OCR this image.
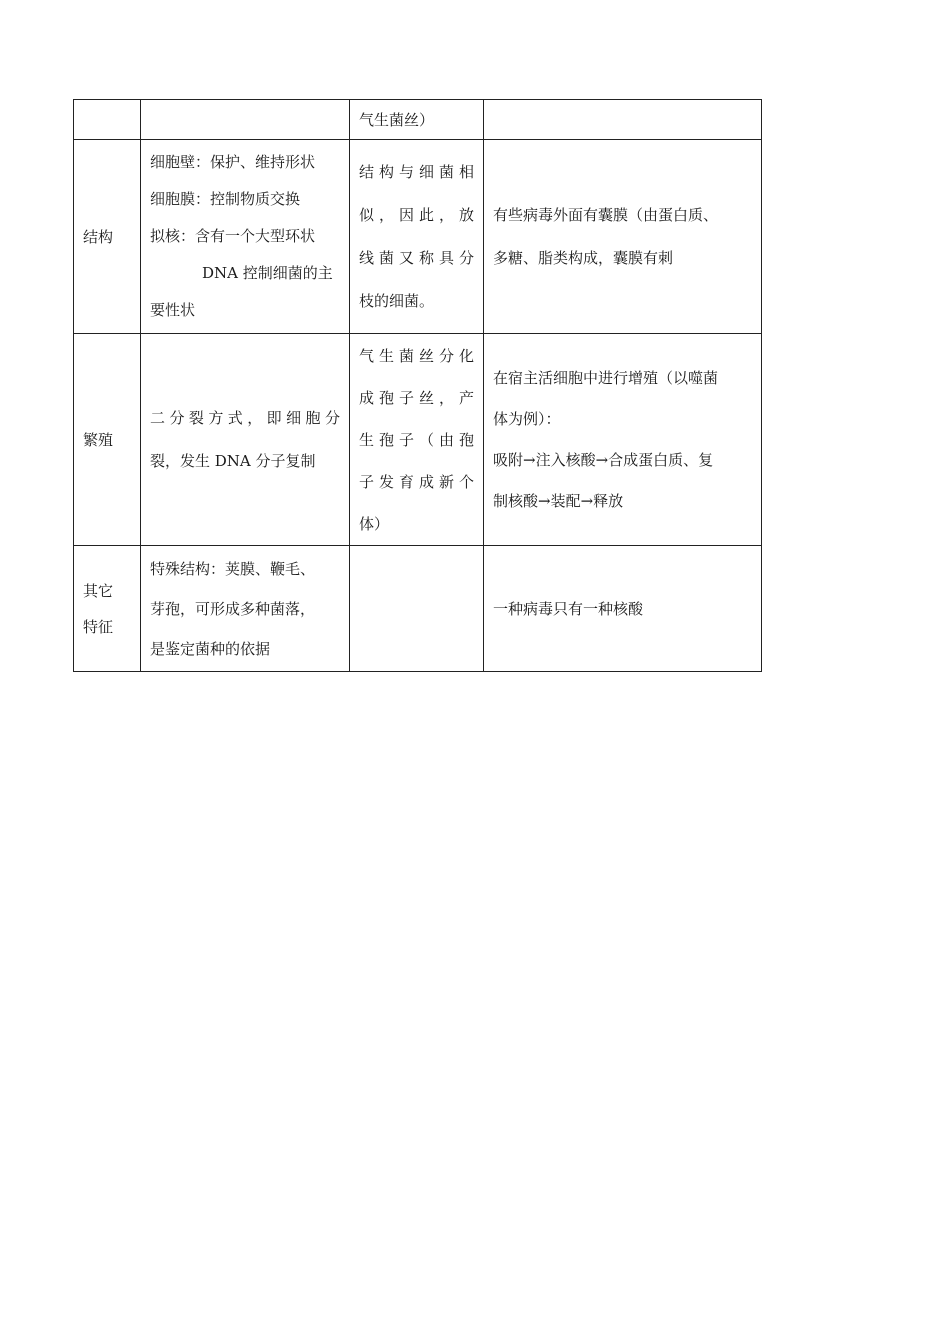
		气生菌丝）	

结构	细胞壁：保护、维持形状
细胞膜：控制物质交换
拟核：含有一个大型环状
DNA 控制细菌的主
要性状	结构与细菌相
似，因此，放
线菌又称具分
枝的细菌。	有些病毒外面有囊膜（由蛋白质、
多糖、脂类构成，囊膜有刺

繁殖	二分裂方式，即细胞分
裂，发生 DNA 分子复制	气生菌丝分化
成孢子丝，产
生孢子（由孢
子发育成新个
体）	在宿主活细胞中进行增殖（以噬菌
体为例）：
吸附→注入核酸→合成蛋白质、复
制核酸→装配→释放

其它
特征	特殊结构：荚膜、鞭毛、
芽孢，可形成多种菌落，
是鉴定菌种的依据		一种病毒只有一种核酸
